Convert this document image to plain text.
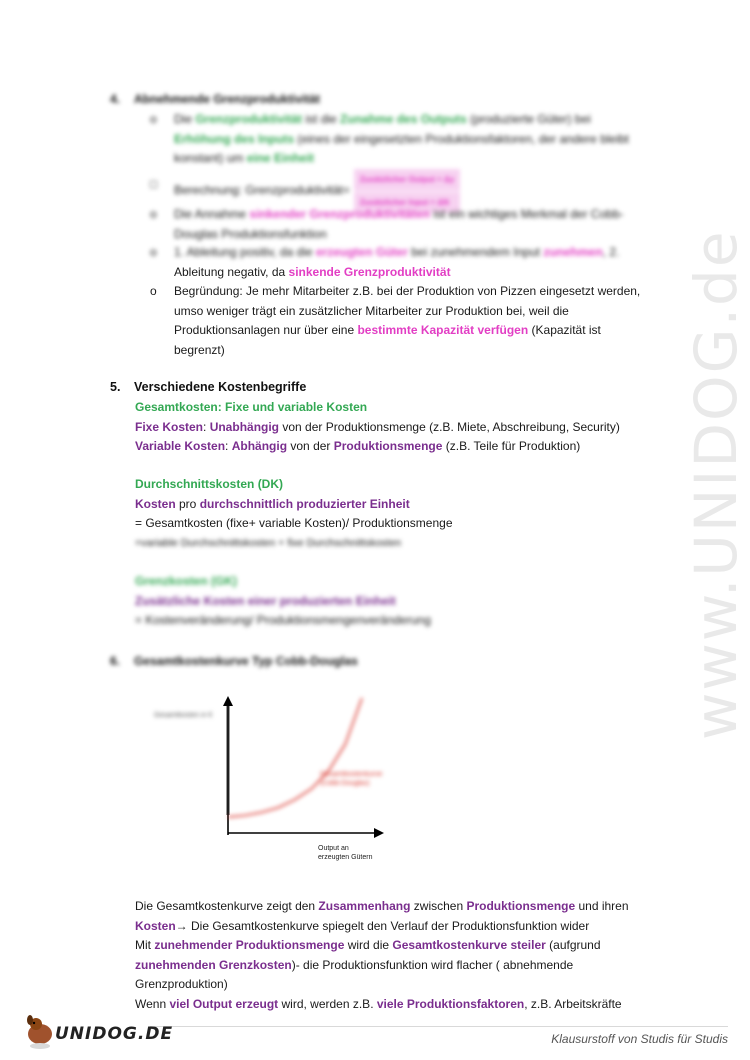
www.UNIDOG.de
4. Abnehmende Grenzproduktivität
o	Die Grenzproduktivität ist die Zunahme des Outputs (produzierte Güter) bei Erhöhung des Inputs (eines der eingesetzten Produktionsfaktoren, der andere bleibt konstant) um eine Einheit
□	Berechnung: Grenzproduktivität=
Zusätzlicher Output = Δy
Zusätzlicher Input = ΔN
o	Die Annahme sinkender Grenzproduktivitäten ist ein wichtiges Merkmal der Cobb-Douglas Produktionsfunktion
o	1. Ableitung positiv, da die erzeugten Güter bei zunehmendem Input zunehmen, 2.
Ableitung negativ, da sinkende Grenzproduktivität
o	Begründung: Je mehr Mitarbeiter z.B. bei der Produktion von Pizzen eingesetzt werden, umso weniger trägt ein zusätzlicher Mitarbeiter zur Produktion bei, weil die Produktionsanlagen nur über eine bestimmte Kapazität verfügen (Kapazität ist begrenzt)
5. Verschiedene Kostenbegriffe
Gesamtkosten: Fixe und variable Kosten
Fixe Kosten: Unabhängig von der Produktionsmenge (z.B. Miete, Abschreibung, Security)
Variable Kosten: Abhängig von der Produktionsmenge (z.B. Teile für Produktion)
Durchschnittskosten (DK)
Kosten pro durchschnittlich produzierter Einheit
= Gesamtkosten (fixe+ variable Kosten)/ Produktionsmenge
=variable Durchschnittskosten + fixe Durchschnittskosten
Grenzkosten (GK)
Zusätzliche Kosten einer produzierten Einheit
= Kostenveränderung/ Produktionsmengenveränderung
6. Gesamtkostenkurve Typ Cobb-Douglas
Gesamtkosten in €
Gesamtkostenkurve
(Cobb-Douglas)
Output an
erzeugten Gütern
Die Gesamtkostenkurve zeigt den Zusammenhang zwischen Produktionsmenge und ihren
Kosten→ Die Gesamtkostenkurve spiegelt den Verlauf der Produktionsfunktion wider
Mit zunehmender Produktionsmenge wird die Gesamtkostenkurve steiler (aufgrund
zunehmenden Grenzkosten)- die Produktionsfunktion wird flacher ( abnehmende
Grenzproduktion)
Wenn viel Output erzeugt wird, werden z.B. viele Produktionsfaktoren, z.B. Arbeitskräfte
UNIDOG.DE	Klausurstoff von Studis für Studis
